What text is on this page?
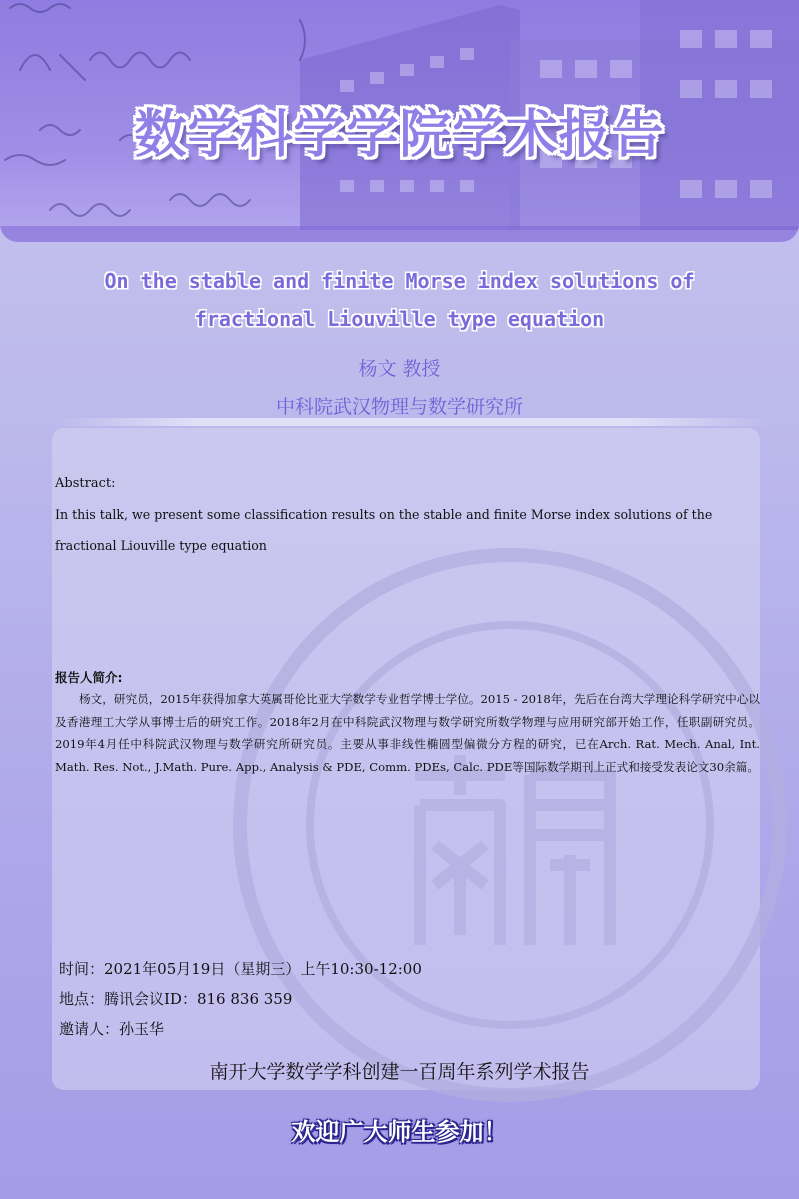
数学科学学院学术报告
On the stable and finite Morse index solutions of
fractional Liouville type equation
杨文 教授
中科院武汉物理与数学研究所
Abstract:
In this talk, we present some classification results on the stable and finite Morse index solutions of the fractional Liouville type equation
报告人简介:
杨文，研究员，2015年获得加拿大英属哥伦比亚大学数学专业哲学博士学位。2015 - 2018年，先后在台湾大学理论科学研究中心以及香港理工大学从事博士后的研究工作。2018年2月在中科院武汉物理与数学研究所数学物理与应用研究部开始工作，任职副研究员。2019年4月任中科院武汉物理与数学研究所研究员。主要从事非线性椭圆型偏微分方程的研究，已在Arch. Rat. Mech. Anal, Int. Math. Res. Not., J.Math. Pure. App., Analysis & PDE, Comm. PDEs, Calc. PDE等国际数学期刊上正式和接受发表论文30余篇。
时间：2021年05月19日（星期三）上午10:30-12:00
地点：腾讯会议ID：816 836 359
邀请人：孙玉华
南开大学数学学科创建一百周年系列学术报告
欢迎广大师生参加！
